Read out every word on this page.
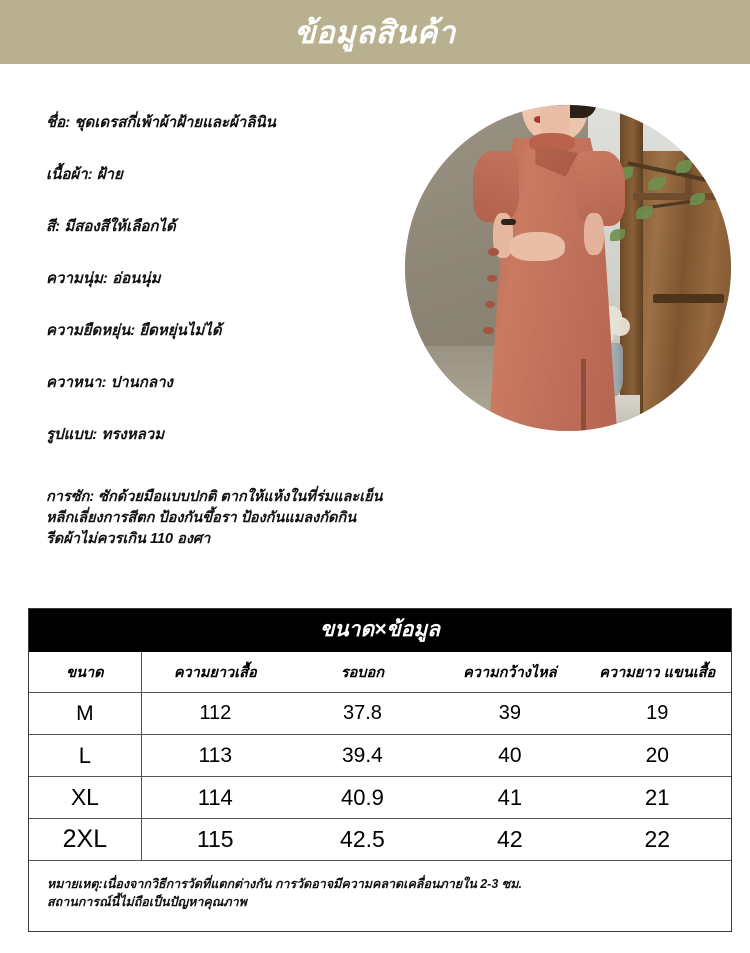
ข้อมูลสินค้า
ชื่อ: ชุดเดรสกี่เพ้าผ้าฝ้ายและผ้าลินิน
เนื้อผ้า: ฝ้าย
สี: มีสองสีให้เลือกได้
ความนุ่ม: อ่อนนุ่ม
ความยืดหยุ่น: ยืดหยุ่นไม่ได้
ควาหนา: ปานกลาง
รูปแบบ: ทรงหลวม
การซัก: ซักด้วยมือแบบปกติ ตากให้แห้งในที่ร่มและเย็น
หลีกเลี่ยงการสีตก ป้องกันขึ้อรา ป้องกันแมลงกัดกิน
รีดผ้าไม่ควรเกิน 110 องศา
ขนาด×ข้อมูล
ขนาด	ความยาวเสื้อ	รอบอก	ความกว้างไหล่	ความยาว แขนเสื้อ
M	112	37.8	39	19
L	113	39.4	40	20
XL	114	40.9	41	21
2XL	115	42.5	42	22
หมายเหตุ:เนื่องจากวิธีการวัดที่แตกต่างกัน การวัดอาจมีความคลาดเคลื่อนภายใน 2-3 ซม.
สถานการณ์นี้ไม่ถือเป็นปัญหาคุณภาพ
